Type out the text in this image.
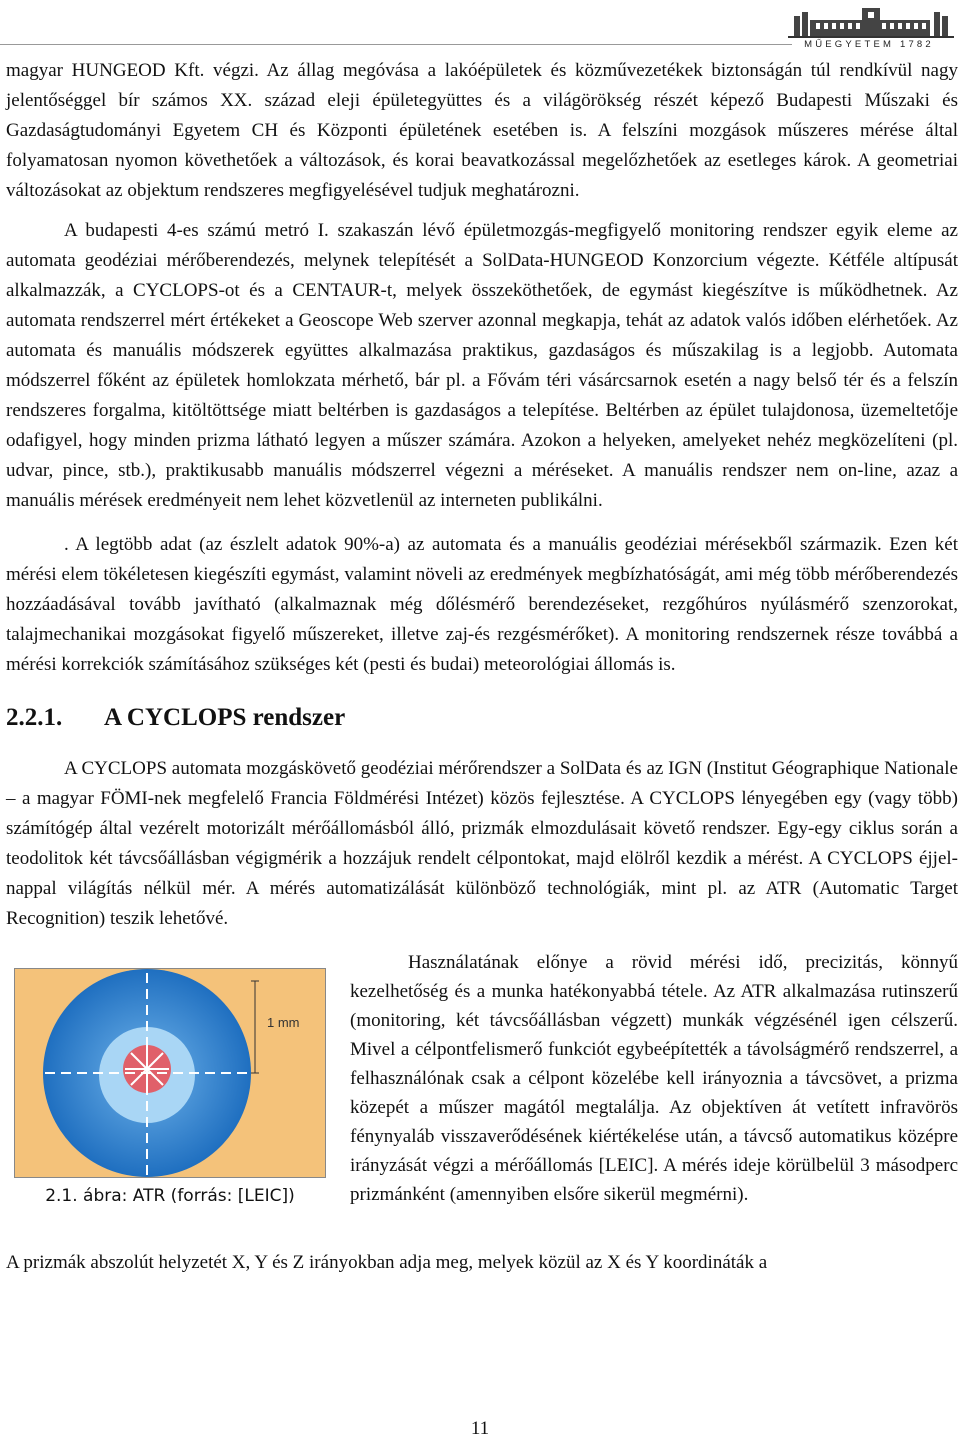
MŰEGYETEM 1782

magyar HUNGEOD Kft. végzi. Az állag megóvása a lakóépületek és közművezetékek biztonságán túl rendkívül nagy jelentőséggel bír számos XX. század eleji épületegyüttes és a világörökség részét képező Budapesti Műszaki és Gazdaságtudományi Egyetem CH és Központi épületének esetében is. A felszíni mozgások műszeres mérése által folyamatosan nyomon követhetőek a változások, és korai beavatkozással megelőzhetőek az esetleges károk. A geometriai változásokat az objektum rendszeres megfigyelésével tudjuk meghatározni.

A budapesti 4-es számú metró I. szakaszán lévő épületmozgás-megfigyelő monitoring rendszer egyik eleme az automata geodéziai mérőberendezés, melynek telepítését a SolData-HUNGEOD Konzorcium végezte. Kétféle altípusát alkalmazzák, a CYCLOPS-ot és a CENTAUR-t, melyek összeköthetőek, de egymást kiegészítve is működhetnek. Az automata rendszerrel mért értékeket a Geoscope Web szerver azonnal megkapja, tehát az adatok valós időben elérhetőek. Az automata és manuális módszerek együttes alkalmazása praktikus, gazdaságos és műszakilag is a legjobb. Automata módszerrel főként az épületek homlokzata mérhető, bár pl. a Fővám téri vásárcsarnok esetén a nagy belső tér és a felszín rendszeres forgalma, kitöltöttsége miatt beltérben is gazdaságos a telepítése. Beltérben az épület tulajdonosa, üzemeltetője odafigyel, hogy minden prizma látható legyen a műszer számára. Azokon a helyeken, amelyeket nehéz megközelíteni (pl. udvar, pince, stb.), praktikusabb manuális módszerrel végezni a méréseket. A manuális rendszer nem on-line, azaz a manuális mérések eredményeit nem lehet közvetlenül az interneten publikálni.

. A legtöbb adat (az észlelt adatok 90%-a) az automata és a manuális geodéziai mérésekből származik. Ezen két mérési elem tökéletesen kiegészíti egymást, valamint növeli az eredmények megbízhatóságát, ami még több mérőberendezés hozzáadásával tovább javítható (alkalmaznak még dőlésmérő berendezéseket, rezgőhúros nyúlásmérő szenzorokat, talajmechanikai mozgásokat figyelő műszereket, illetve zaj-és rezgésmérőket). A monitoring rendszernek része továbbá a mérési korrekciók számításához szükséges két (pesti és budai) meteorológiai állomás is.

2.2.1. A CYCLOPS rendszer

A CYCLOPS automata mozgáskövető geodéziai mérőrendszer a SolData és az IGN (Institut Géographique Nationale – a magyar FÖMI-nek megfelelő Francia Földmérési Intézet) közös fejlesztése. A CYCLOPS lényegében egy (vagy több) számítógép által vezérelt motorizált mérőállomásból álló, prizmák elmozdulásait követő rendszer. Egy-egy ciklus során a teodolitok két távcsőállásban végigmérik a hozzájuk rendelt célpontokat, majd elölről kezdik a mérést. A CYCLOPS éjjel-nappal világítás nélkül mér. A mérés automatizálását különböző technológiák, mint pl. az ATR (Automatic Target Recognition) teszik lehetővé.

1 mm
2.1. ábra: ATR (forrás: [LEIC])

Használatának előnye a rövid mérési idő, precizitás, könnyű kezelhetőség és a munka hatékonyabbá tétele. Az ATR alkalmazása rutinszerű (monitoring, két távcsőállásban végzett) munkák végzésénél igen célszerű. Mivel a célpontfelismerő funkciót egybeépítették a távolságmérő rendszerrel, a felhasználónak csak a célpont közelébe kell irányoznia a távcsövet, a prizma közepét a műszer magától megtalálja. Az objektíven át vetített infravörös fénynyaláb visszaverődésének kiértékelése után, a távcső automatikus középre irányzását végzi a mérőállomás [LEIC]. A mérés ideje körülbelül 3 másodperc prizmánként (amennyiben elsőre sikerül megmérni).

A prizmák abszolút helyzetét X, Y és Z irányokban adja meg, melyek közül az X és Y koordináták a

11
